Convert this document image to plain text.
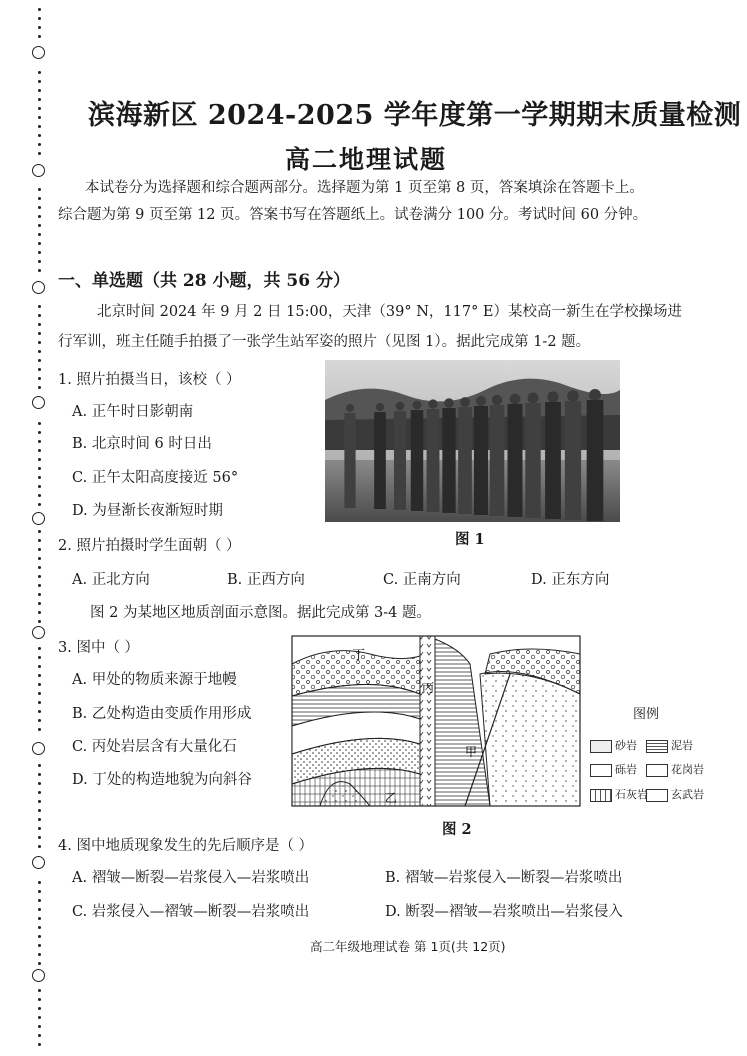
滨海新区 2024-2025 学年度第一学期期末质量检测
高二地理试题
本试卷分为选择题和综合题两部分。选择题为第 1 页至第 8 页，答案填涂在答题卡上。
综合题为第 9 页至第 12 页。答案书写在答题纸上。试卷满分 100 分。考试时间 60 分钟。
一、单选题（共 28 小题，共 56 分）
北京时间 2024 年 9 月 2 日 15:00，天津（39° N，117° E）某校高一新生在学校操场进
行军训，班主任随手拍摄了一张学生站军姿的照片（见图 1）。据此完成第 1-2 题。
1. 照片拍摄当日，该校（ ）
A. 正午时日影朝南
B. 北京时间 6 时日出
C. 正午太阳高度接近 56°
D. 为昼渐长夜渐短时期
图 1
2. 照片拍摄时学生面朝（ ）
A. 正北方向	B. 正西方向	C. 正南方向	D. 正东方向
图 2 为某地区地质剖面示意图。据此完成第 3-4 题。
3. 图中（ ）
A. 甲处的物质来源于地幔
B. 乙处构造由变质作用形成
C. 丙处岩层含有大量化石
D. 丁处的构造地貌为向斜谷
丁
丙
甲
乙
图例
砂岩	泥岩
砾岩	花岗岩
石灰岩	玄武岩
图 2
4. 图中地质现象发生的先后顺序是（ ）
A. 褶皱—断裂—岩浆侵入—岩浆喷出	B. 褶皱—岩浆侵入—断裂—岩浆喷出
C. 岩浆侵入—褶皱—断裂—岩浆喷出	D. 断裂—褶皱—岩浆喷出—岩浆侵入
高二年级地理试卷 第 1页(共 12页)
